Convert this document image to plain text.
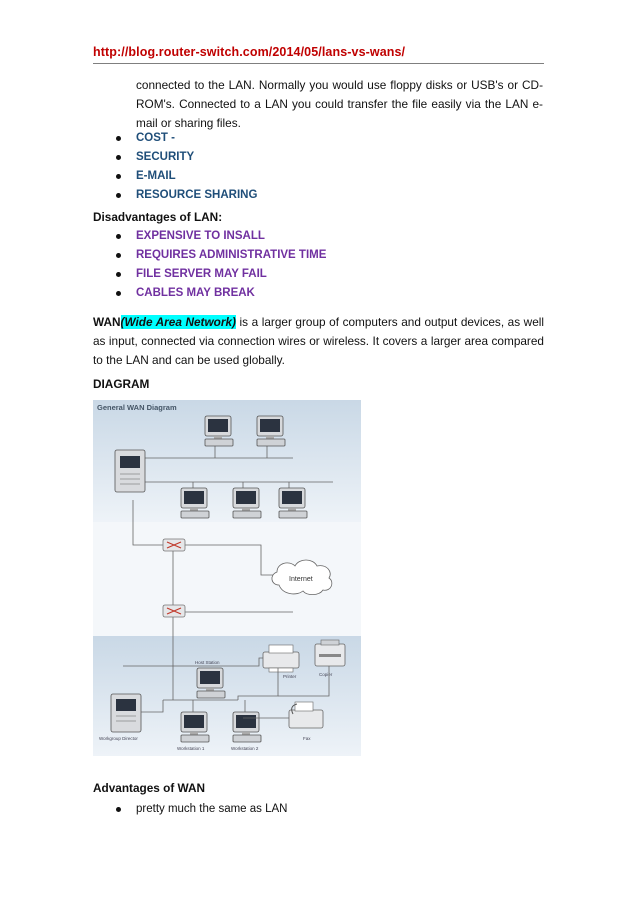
http://blog.router-switch.com/2014/05/lans-vs-wans/
connected to the LAN. Normally you would use floppy disks or USB's or CD-ROM's. Connected to a LAN you could transfer the file easily via the LAN e-mail or sharing files.
COST -
SECURITY
E-MAIL
RESOURCE SHARING
Disadvantages of LAN:
EXPENSIVE TO INSALL
REQUIRES ADMINISTRATIVE TIME
FILE SERVER MAY FAIL
CABLES MAY BREAK
WAN(Wide Area Network) is a larger group of computers and output devices, as well as input, connected via connection wires or wireless. It covers a larger area compared to the LAN and can be used globally.
DIAGRAM
General WAN Diagram
Internet
Host Station
Printer	Copier
Workgroup Director
Workstation 1	Workstation 2
Fax
Advantages of WAN
pretty much the same as LAN
